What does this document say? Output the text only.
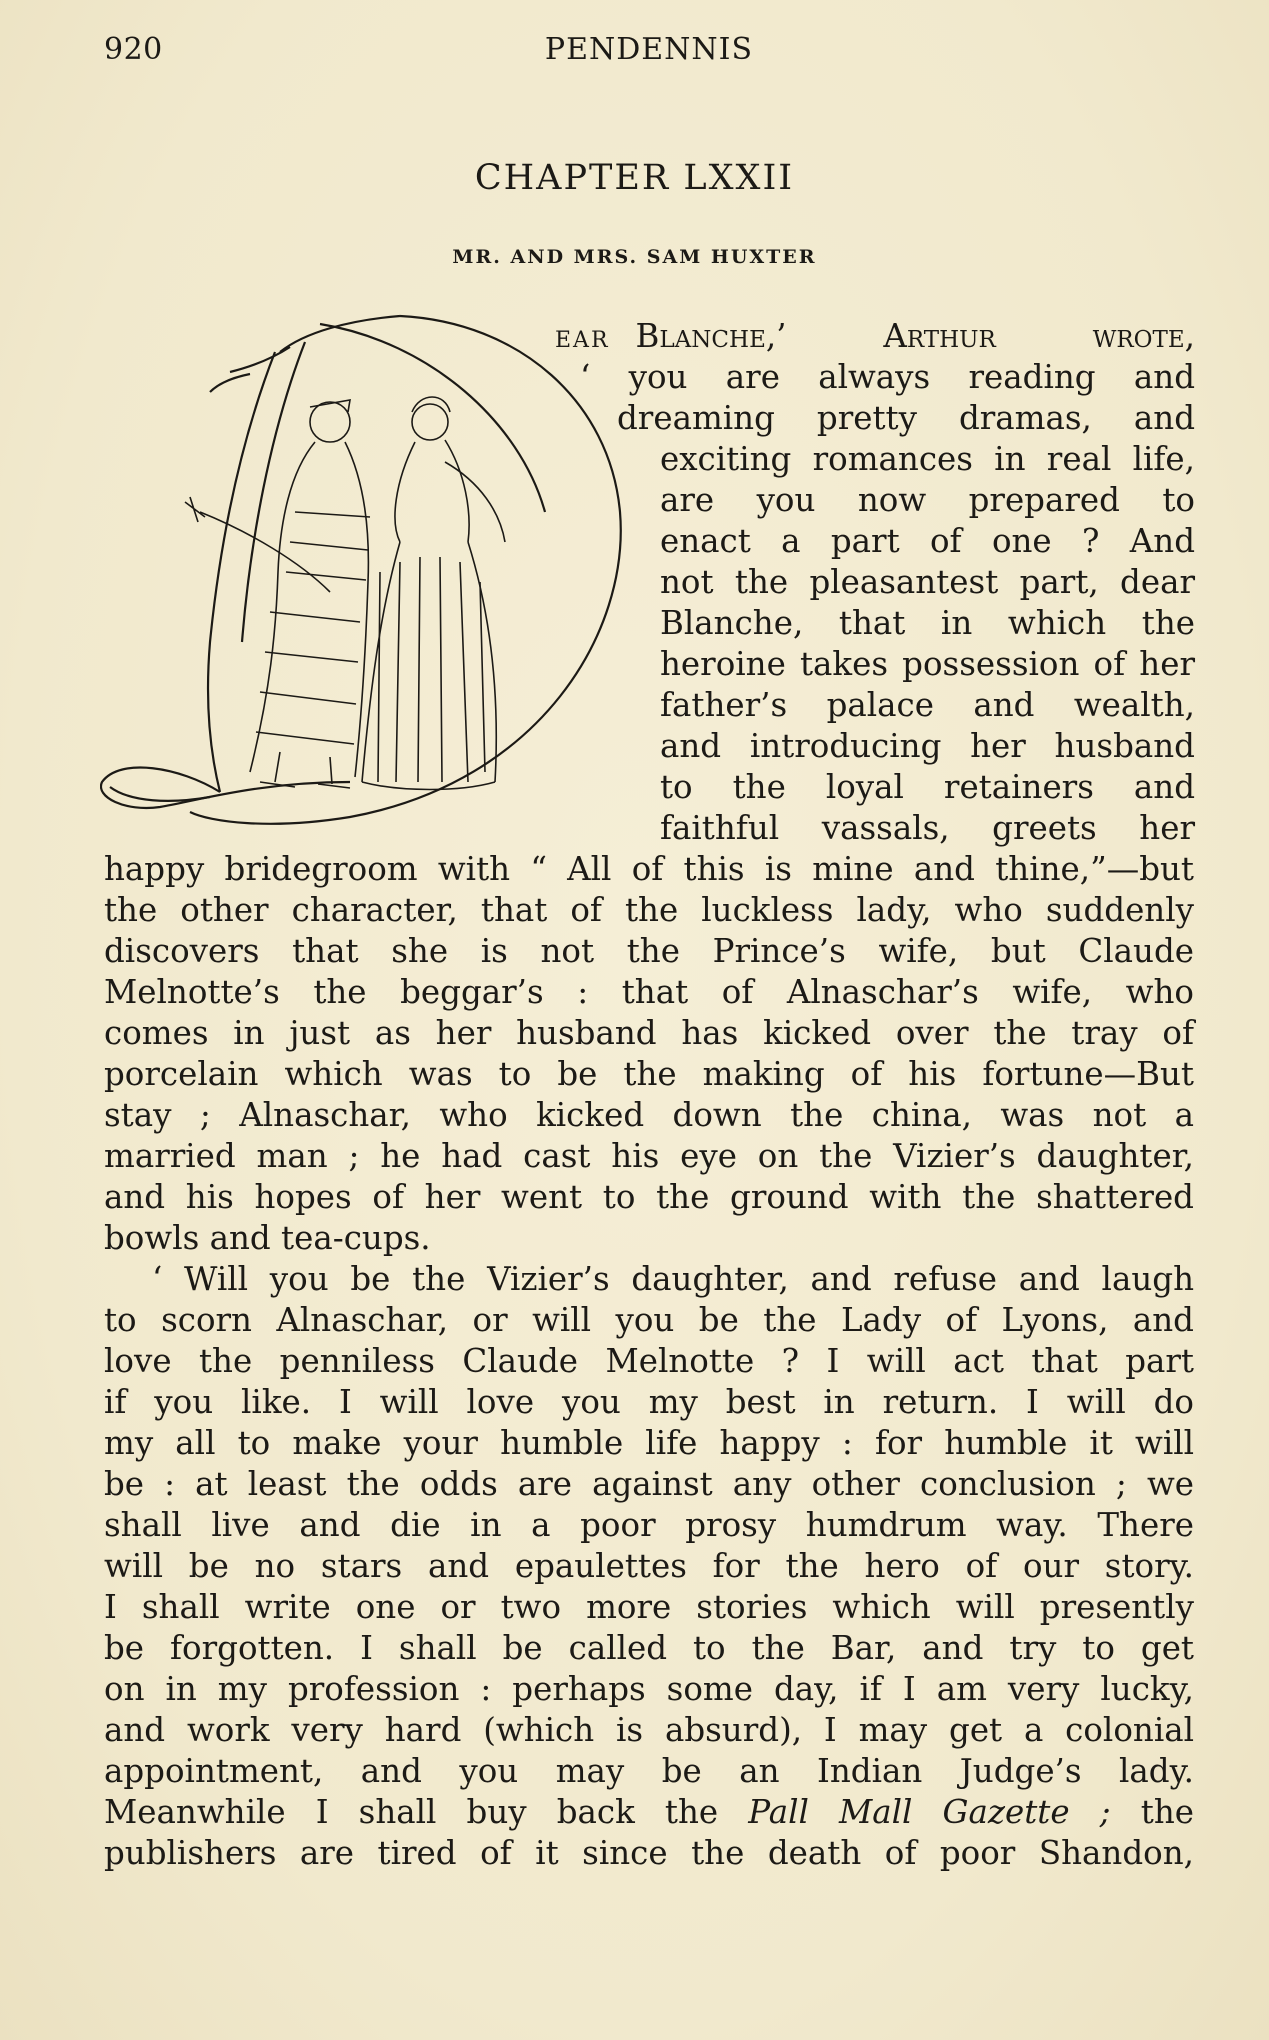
920	PENDENNIS
CHAPTER LXXII
MR. AND MRS. SAM HUXTER
EAR Blanche,’ Arthur wrote,
‘ you are always reading and
dreaming pretty dramas, and
exciting romances in real life,
are you now prepared to
enact a part of one ? And
not the pleasantest part, dear
Blanche, that in which the
heroine takes possession of her
father’s palace and wealth,
and introducing her husband
to the loyal retainers and
faithful vassals, greets her
happy bridegroom with “ All of this is mine and thine,”—but
the other character, that of the luckless lady, who suddenly
discovers that she is not the Prince’s wife, but Claude
Melnotte’s the beggar’s : that of Alnaschar’s wife, who
comes in just as her husband has kicked over the tray of
porcelain which was to be the making of his fortune—But
stay ; Alnaschar, who kicked down the china, was not a
married man ; he had cast his eye on the Vizier’s daughter,
and his hopes of her went to the ground with the shattered
bowls and tea-cups.
‘ Will you be the Vizier’s daughter, and refuse and laugh
to scorn Alnaschar, or will you be the Lady of Lyons, and
love the penniless Claude Melnotte ? I will act that part
if you like. I will love you my best in return. I will do
my all to make your humble life happy : for humble it will
be : at least the odds are against any other conclusion ; we
shall live and die in a poor prosy humdrum way. There
will be no stars and epaulettes for the hero of our story.
I shall write one or two more stories which will presently
be forgotten. I shall be called to the Bar, and try to get
on in my profession : perhaps some day, if I am very lucky,
and work very hard (which is absurd), I may get a colonial
appointment, and you may be an Indian Judge’s lady.
Meanwhile I shall buy back the Pall Mall Gazette ; the
publishers are tired of it since the death of poor Shandon,
